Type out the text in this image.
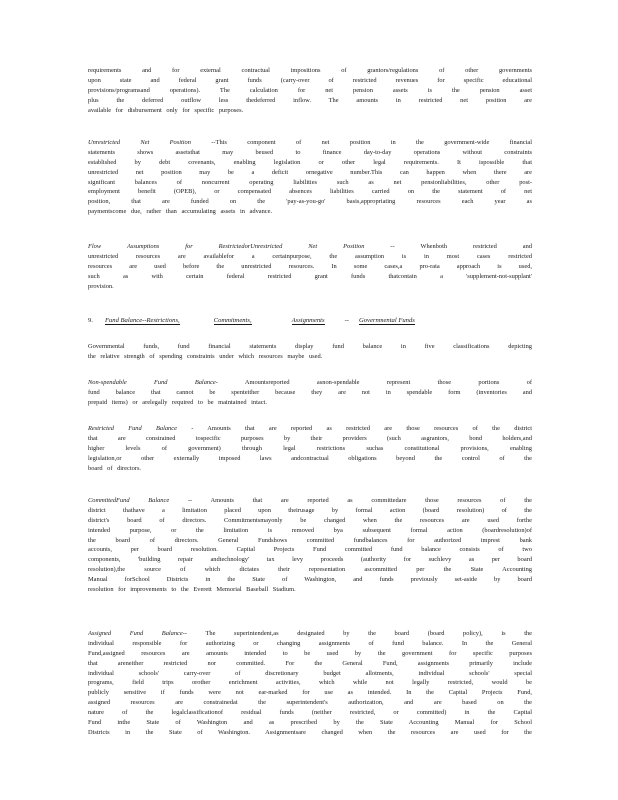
requirements and for external contractual impositions of grantors/regulations of other governments
upon state and federal grant funds (carry-over of restricted revenues for specific educational
provisions/programsand operations). The calculation for net pension assets is the pension asset
plus the deferred outflow less thedeferred inflow. The amounts in restricted net position are
available for disbursement only for specific purposes.
Unrestricted Net Position --This component of net position in the government-wide financial
statements shows assetsthat may beused to finance day-to-day operations without constraints
established by debt covenants, enabling legislation or other legal requirements. It ispossible that
unrestricted net position may be a deficit ornegative number.This can happen when there are
significant balances of noncurrent operating liabilities such as net pensionliabilities, other post-
employment benefit (OPEB), or compensated absences liabilities carried on the statement of net
position, that are funded on the 'pay-as-you-go' basis,appropriating resources each year as
paymentscome due, rather than accumulating assets in advance.
Flow Assumptions for RestrictedorUnrestricted Net Position -- Whenboth restricted and
unrestricted resources are availablefor a certainpurpose, the assumption is in most cases restricted
resources are used before the unrestricted resources. In some cases,a pro-rata approach is used,
such as with certain federal restricted grant funds thatcontain a 'supplement-not-supplant'
provision.
9. Fund Balance--Restrictions,	Commitments,	Assignments	-- Governmental Funds
Governmental funds, fund financial statements display fund balance in five classifications depicting
the relative strength of spending constraints under which resources maybe used.
Non-spendable Fund Balance- Amountsreported asnon-spendable represent those portions of
fund balance that cannot be spenteither because they are not in spendable form (inventories and
prepaid items) or arelegally required to be maintained intact.
Restricted Fund Balance - Amounts that are reported as restricted are those resources of the district
that are constrained tospecific purposes by their providers (such asgrantors, bond holders,and
higher levels of government) through legal restrictions suchas constitutional provisions, enabling
legislation,or other externally imposed laws andcontractual obligations beyond the control of the
board of directors.
CommittedFund Balance -- Amounts that are reported as committedare those resources of the
district thathave a limitation placed upon theirusage by formal action (board resolution) of the
district's board of directors. Commitmentsmayonly be changed when the resources are used forthe
intended purpose, or the limitation is removed bya subsequent formal action (boardresolution)of
the board of directors. General Fundshows committed fundbalances for authorized imprest bank
accounts, per board resolution. Capital Projects Fund committed fund balance consists of two
components, 'building repair andtechnology' tax levy proceeds (authority for suchlevy as per board
resolution),the source of which dictates their representation ascommitted per the State Accounting
Manual forSchool Districts in the State of Washington, and funds previously set-aside by board
resolution for improvements to the Everett Memorial Baseball Stadium.
Assigned Fund Balance-- The superintendent,as designated by the board (board policy), is the
individual responsible for authorizing or changing assignments of fund balance. In the General
Fund,assigned resources are amounts intended to be used by the government for specific purposes
that areneither restricted nor committed. For the General Fund, assignments primarily include
individual schools' carry-over of discretionary budget allotments, individual schools' special
programs, field trips orother enrichment activities, which while not legally restricted, would be
publicly sensitive if funds were not ear-marked for use as intended. In the Capital Projects Fund,
assigned resources are constrainedat the superintendent's authorization, and are based on the
nature of the legalclassificationof residual funds (neither restricted, or committed) in the Capital
Fund inthe State of Washington and as prescribed by the State Accounting Manual for School
Districts in the State of Washington. Assignmentsare changed when the resources are used for the
